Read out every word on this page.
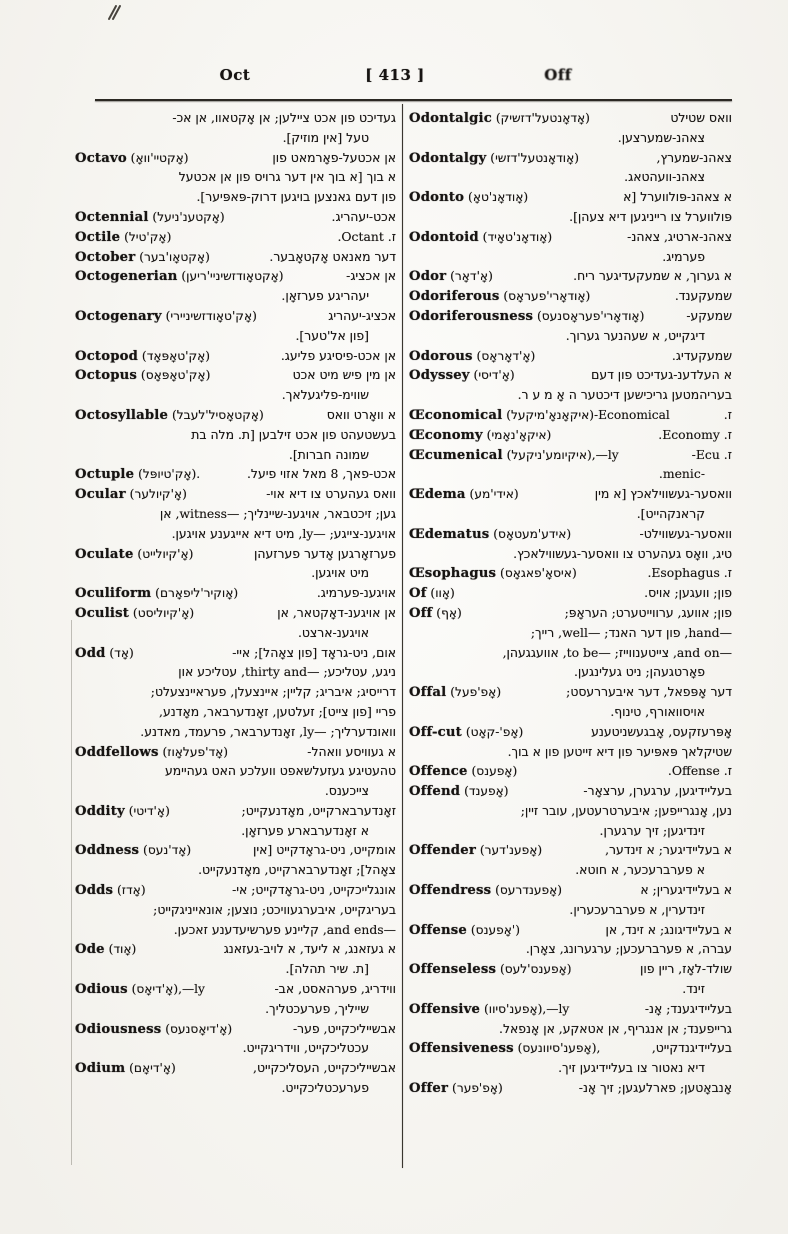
Oct	[ 413 ]	Off
געדיכט פון אכט ציילען; אן אָקטאוו, אן אכ-
טעל [אין מוזיק].
Octavo (אָקטיי'וואָ)	אן אכטעל-פאָרמאט פון
א בוך [א בוך אין דער גרויס פון אן אכטעל
פון דעם גאנצען בויגען דרוק-פּאפּיער].
Octennial (אָקטענ'ניעל)	אכט-יעהריג.
Octile (אָק'טיל)	ז. Octant.
October (אָקטאָו'בער)	דער מאנאט אָקטאָבער.
Octogenerian (אָקטאָודזשיניי'ריען)	אן אכציג-
יעהריגע פערזאָן.
Octogenary (אָק'טאָודזשיניירי)	אכציג-יעהריג
[פון אל'טער].
Octopod (אָק'טאָפּאָד)	אן אכט-פיסיגע פליעג.
Octopus (אָק'טאָפּאָס)	אן מין פיש מיט אכט
שווימ-פליגעלאך.
Octosyllable (אָקטאָסיל'לעבל)	א וואָרט וואס
בעשטעהט פון אכט זילבען [ת. מלה בת
שמונה חברות].
Octuple (אָק'טיופּל).	אכט-פאך, 8 מאל אזוי פיעל.
Ocular (אָ'קיולער)	וואס געהערט צו דיא אוי-
גען; זיכטבאר, אויגענ-שיינליך; —witness, אן
אויגענ-צייגע; —ly, מיט דיא אייגענע אויגען.
Oculate (אָ'קיולייט)	פערזאָרגען אָדער פערזעהן
מיט אויגען.
Oculiform (אָוקיר'ליפאָרם)	אויגענ-פערמיג.
Oculist (אָ'קיוליסט)	אן אויגענ-דאָקטאר, אן
אויגענ-ארצט.
Odd (אָד)	אום, ניט-גראָד [פון צאָהל]; איי-
ניגע, עטליכע; —thirty and, עטליכע און
דרייסיג; איבריג; קליין; איינצעלן, פעראיינצעלט;
פריי [פון צייט]; זעלטען, זאָנדערבאר, מאָדנע,
וואונדערליך; —ly, זאָנדערבאר, פרעמד, מאדנע.
Oddfellows (אָד'פעלאָוז)	א געוויסע וואהל-
טהעטיגע געזעלשאפט וועלכע האט געהיימע
צייכענס.
Oddity (אָ'דיטי)	זאָנדערבארקייט, מאָדנעקייט;
א זאָנדערבארע פערזאָן.
Oddness (אָד'נעס)	אומקייט, ניט-גראָדקייט [אין
צאָהל]; זאָנדערבארקייט, מאָדנעקייט.
Odds (אָדז)	אונגלייכקייט, ניט-גראָדקייט; אי-
בעריגקייט, איבערגעוויכט; נוצען; אונאייניגקייט;
—and ends, קליינע פערשיעדענע זאכען.
Ode (אָוד)	א געזאנג, א ליעד, א לויב-געזאנג
[ת. שיר תהלה].
Odious (אָ'דיאָס),—ly	ווידריג, פערהאסט, אב-
שייליך, פערעכטליך.
Odiousness (אָ'דיאָסנעס)	אבשייליכקייט, פער-
עכטליכקייט, ווידריגקייט.
Odium (אָ'דיאָם)	אבשייליכקייט, העסליכקייט,
פערעכטליכקייט.
Odontalgic (אָדאָנטעל'דזשיק)	וואס שטילט
צאהנ-שמערצען.
Odontalgy (אָודאָנטעל'דזשי)	צאהנ-שמערץ,
צאהנ-וועהטאג.
Odonto (אָודאָנ'טאָ)	א צאהנ-פּולווערל [א
פּולווערל צו רייניגען דיא צעהן].
Odontoid (אָודאָנ'טאָיד)	צאהנ-ארטיג, צאהנ-
פערמיג.
Odor (אָ'דאָר)	א גערוך, א שמעקעדיגער ריח.
Odoriferous (אָודאָרי'פעראָס)	שמעקענד.
Odoriferousness (אָודאָרי'פעראָסנעס)	שמעקע-
דיגקייט, א שעהנער גערוך.
Odorous (אָ'דאָראָס)	שמעקעדיג.
Odyssey (אָ'דיסי)	א העלדענ-געדיכט פון דעם
בעריהמטען גריכישען דיכטער ה אָ מ ע ר.
Œconomical (איקאָנאָ'מיקעל)-Economical	ז.
Œconomy (איקאָ'נאָמי)	ז. Economy.
Œcumenical (איקיומע'ניקעל),—ly	ז. Ecu-
-menic.
Œdema (אידי'מע)	וואסער-געשווילאכץ [א מין
קראנקהייט].
Œdematus (אידע'מעטאָס)	וואסער-געשווילט-
טיג, וואָס געהערט צו וואסער-געשווילאכץ.
Œsophagus (איסאָ'פאגאָס)	ז. Esophagus.
Of (אָוו)	פון; וועגען; אויס.
Off (אָף)	פון; אוועג, ערווייטערט; העראָפּ;
—hand, פון דער האנד; —well, רייך;
—and on, צייטענווייז; —to be, אוועגגעהן,
פאָרטגעהן; ניט געלינגען.
Offal (אָפ'פעל)	דער אָפּפאל, דער איבעררעסט;
אויסוואורף, טינוף.
Off-cut (אָפ'-קאָט)	אָפּרעזקעס, אָבגעשניטענע
שטיקלאך פּאפּיער פון דיא זייטען פון א בוך.
Offence (אָפענס)	ז. Offense.
Offend (אָפענד)	בעליידיגען, ערגערן, ערצאָר-
נען, אָנגרייפען; איבערטרעטען, עובר זיין;
זינדיגען; זיך ערגערן.
Offender (אָפענ'דער)	א בעליידיגער; א זינדער,
א פערברעכער, א חוטא.
Offendress (אָפענדרעס)	א בעליידיגערין; א
זינדערין, א פערברעכערין.
Offense (אָפענס')	א בעליידיגונג; א זינד, אן
עברה, א פערברעכען; ערגערונג, צאָרן.
Offenseless (אָפענס'לעס)	שולד-לאָז, ריין פון
זינד.
Offensive (אָפענ'סיוו),—ly	בעליידיגענד; אָנ-
גרייפענד; אן אנגריף, אן אטאקע, אן אָנפאל.
Offensiveness (אָפענ'סיוונעס),	בעליידיגנדקייט,
דיא נאטור צו בעליידיגען זיך.
Offer (אָפ'פער)	אָנבאָטען; פארלעגען; זיך אָנ-
